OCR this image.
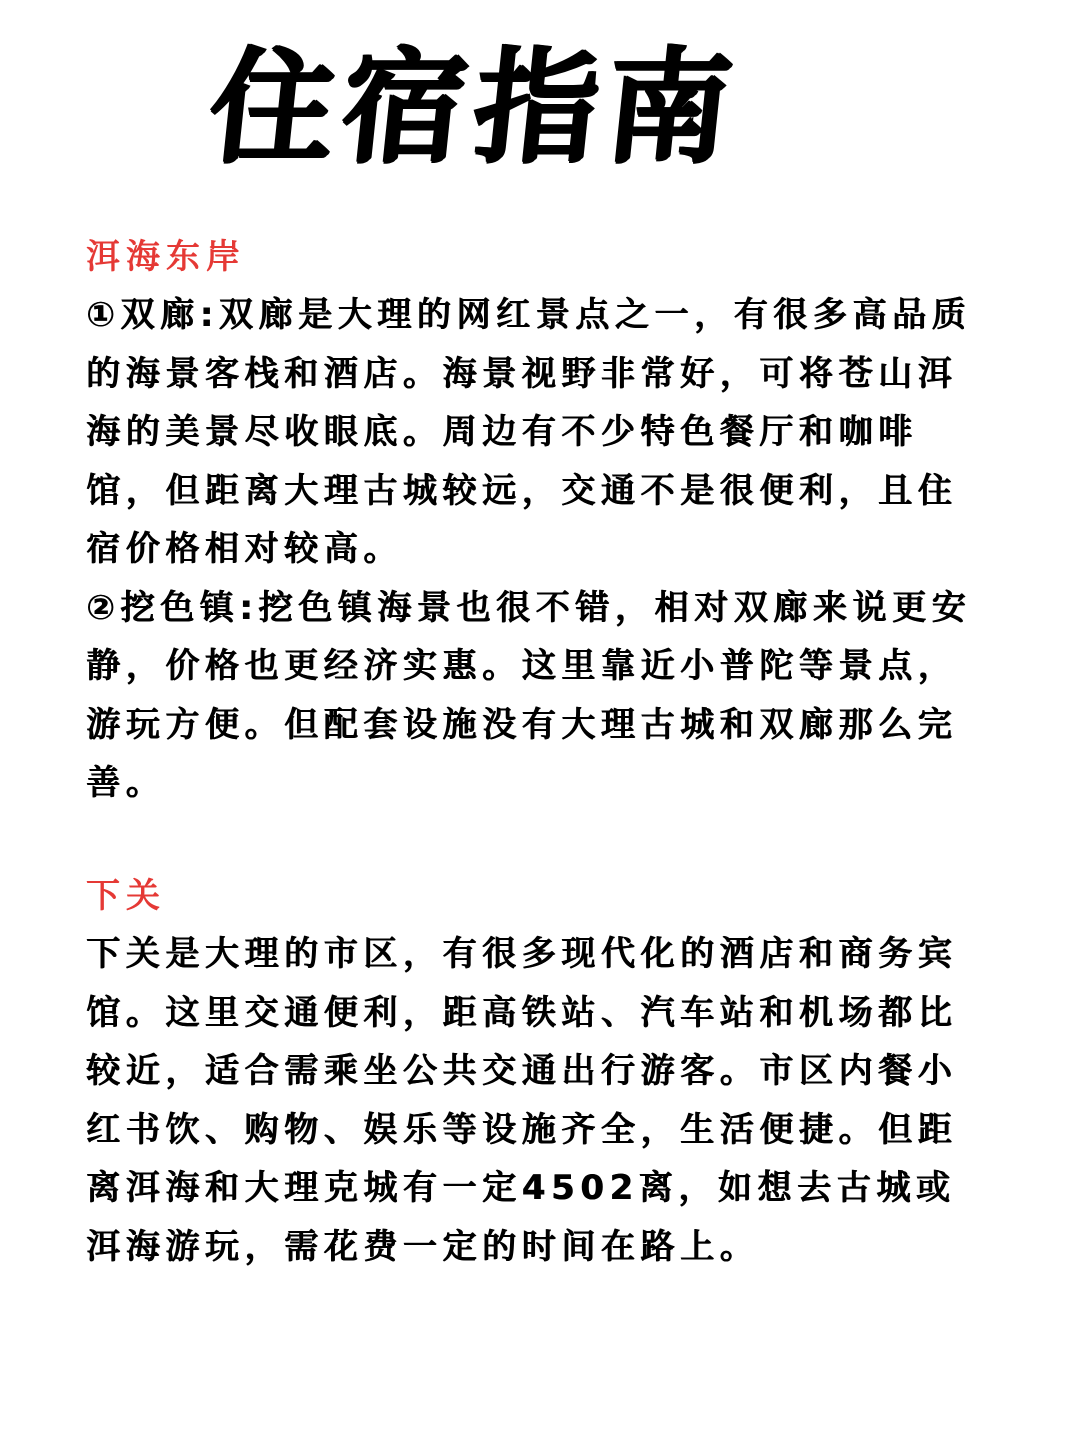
住宿指南
洱海东岸

①双廊:双廊是大理的网红景点之一，有很多高品质的海景客栈和酒店。海景视野非常好，可将苍山洱海的美景尽收眼底。周边有不少特色餐厅和咖啡馆，但距离大理古城较远，交通不是很便利，且住宿价格相对较高。

②挖色镇:挖色镇海景也很不错，相对双廊来说更安静，价格也更经济实惠。这里靠近小普陀等景点，游玩方便。但配套设施没有大理古城和双廊那么完善。

下关

下关是大理的市区，有很多现代化的酒店和商务宾馆。这里交通便利，距高铁站、汽车站和机场都比较近，适合需乘坐公共交通出行游客。市区内餐小红书饮、购物、娱乐等设施齐全，生活便捷。但距离洱海和大理克城有一定4502离，如想去古城或洱海游玩，需花费一定的时间在路上。
